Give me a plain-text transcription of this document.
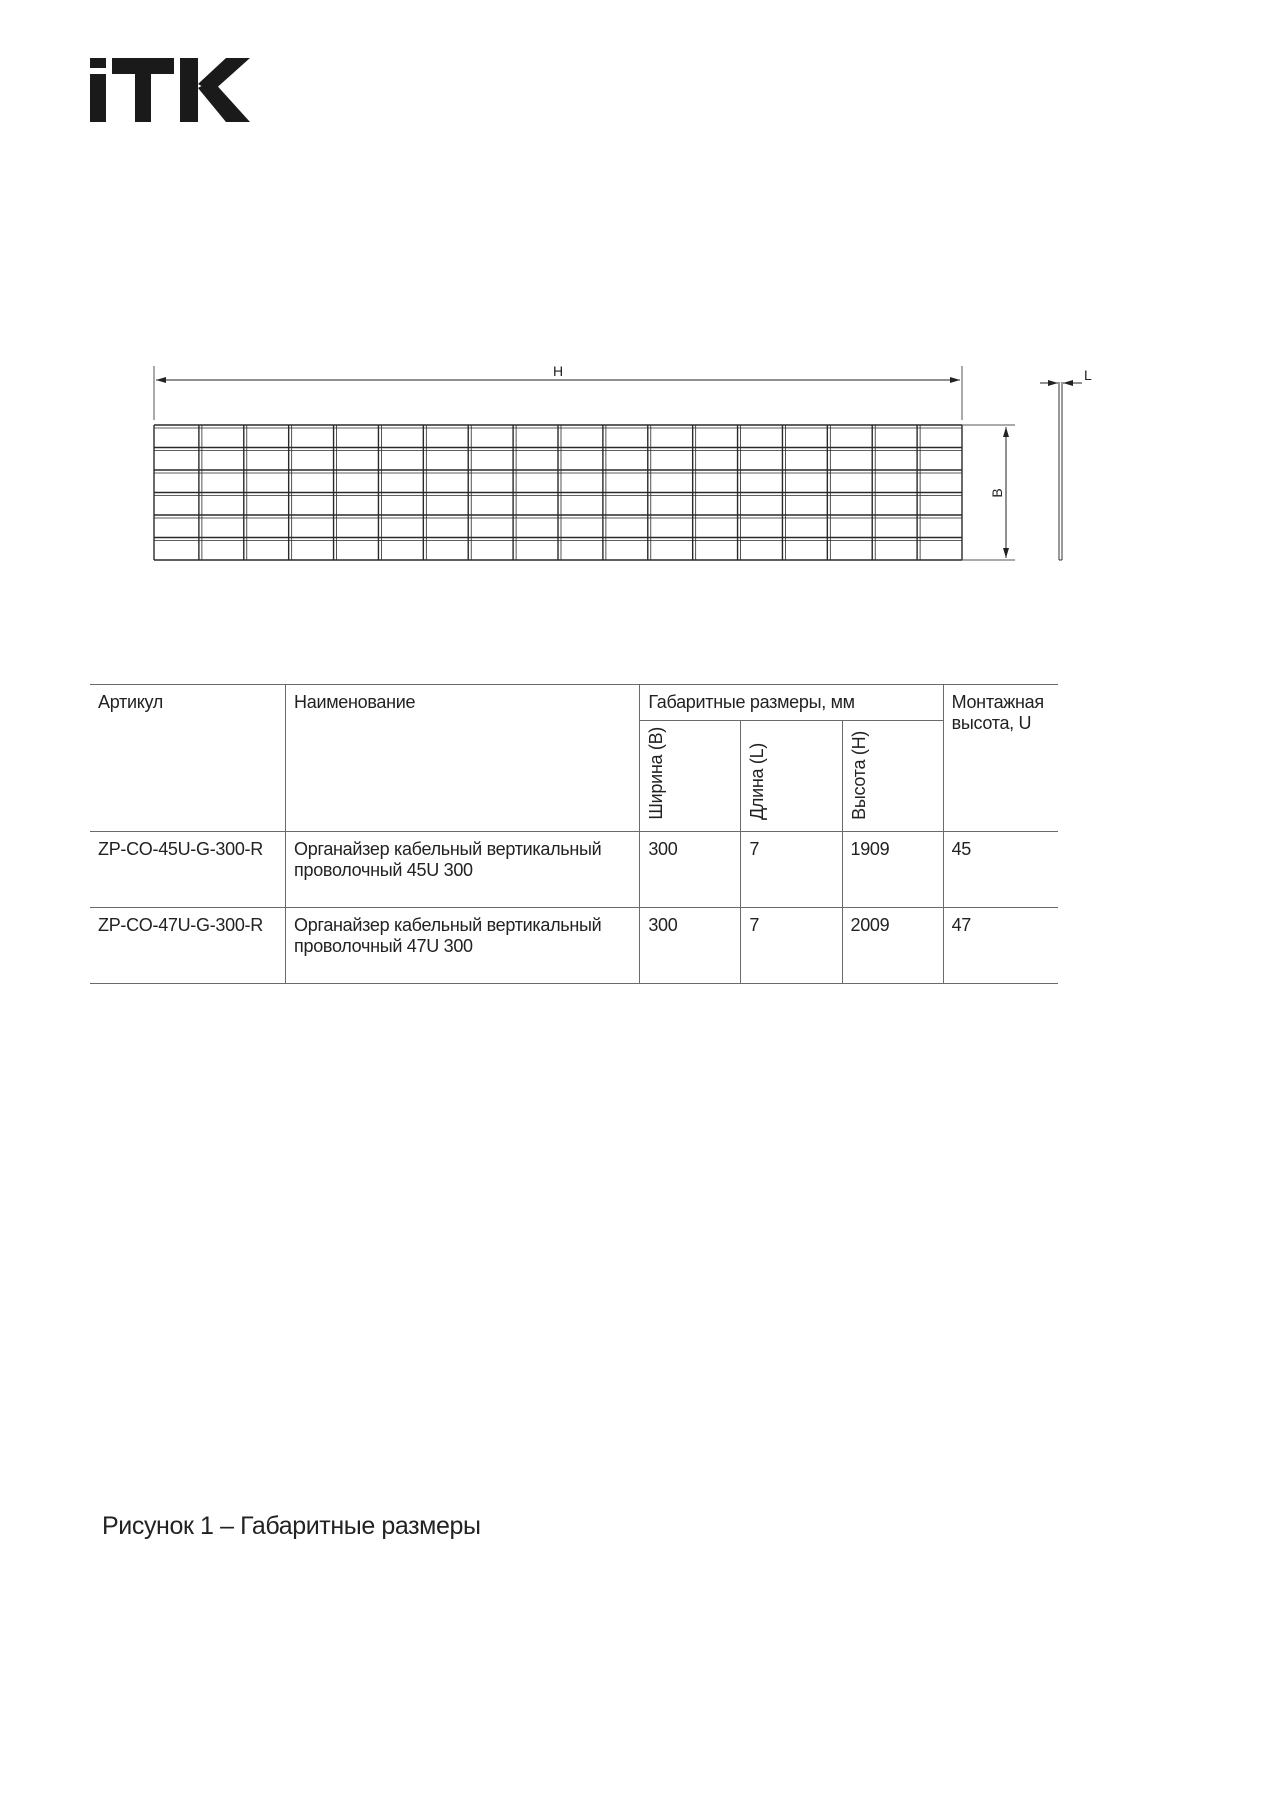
H
B
L
Артикул	Наименование	Габаритные размеры, мм			Монтажная высота, U
		Ширина (B)	Длина (L)	Высота (H)	
ZP-CO-45U-G-300-R	Органайзер кабельный вертикальный проволочный 45U 300	300	7	1909	45
ZP-CO-47U-G-300-R	Органайзер кабельный вертикальный проволочный 47U 300	300	7	2009	47
Рисунок 1 – Габаритные размеры
